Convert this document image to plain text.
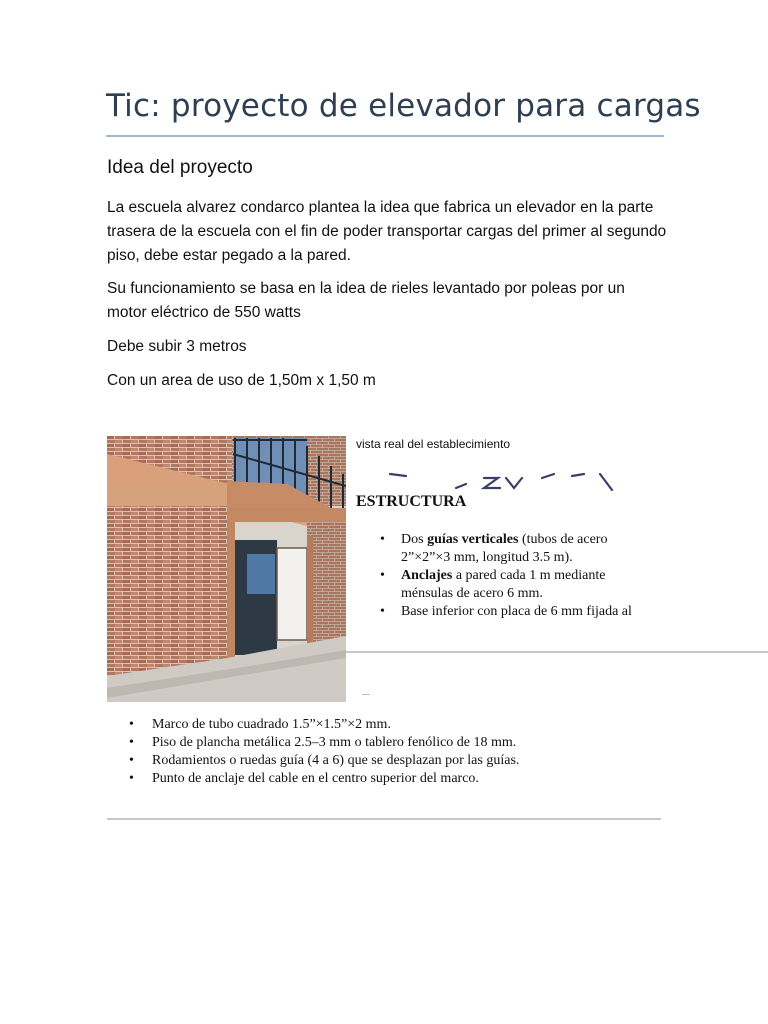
Tic: proyecto de elevador para cargas
Idea del proyecto
La escuela alvarez condarco plantea la idea que fabrica un elevador en la parte trasera de la escuela con el fin de poder transportar cargas del primer al segundo piso, debe estar pegado a la pared.
Su funcionamiento se basa en la idea de rieles levantado por poleas por un motor eléctrico de 550 watts
Debe subir 3 metros
Con un area de uso de 1,50m x 1,50 m
vista real del establecimiento
ESTRUCTURA
• Dos guías verticales (tubos de acero 2”×2”×3 mm, longitud 3.5 m).
• Anclajes a pared cada 1 m mediante ménsulas de acero 6 mm.
• Base inferior con placa de 6 mm fijada al
• Marco de tubo cuadrado 1.5”×1.5”×2 mm.
• Piso de plancha metálica 2.5–3 mm o tablero fenólico de 18 mm.
• Rodamientos o ruedas guía (4 a 6) que se desplazan por las guías.
• Punto de anclaje del cable en el centro superior del marco.
